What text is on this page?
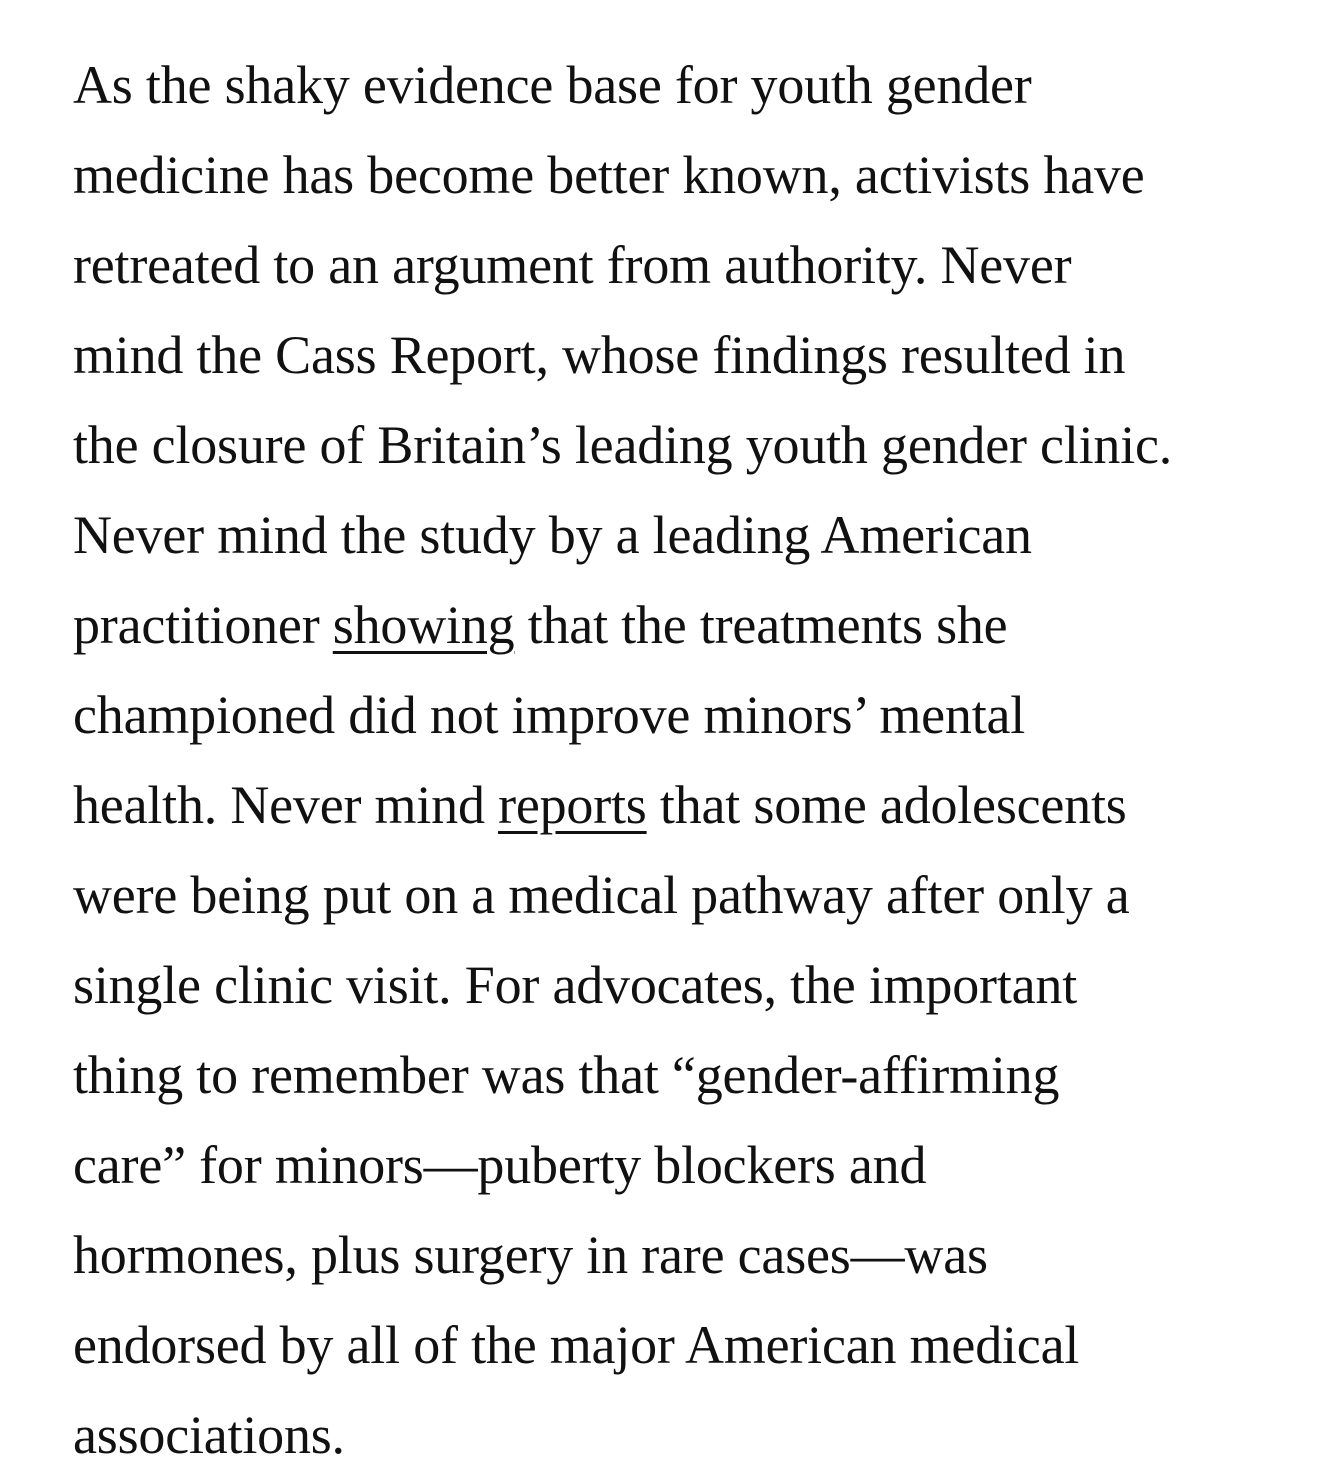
As the shaky evidence base for youth gender
medicine has become better known, activists have
retreated to an argument from authority. Never
mind the Cass Report, whose findings resulted in
the closure of Britain’s leading youth gender clinic.
Never mind the study by a leading American
practitioner showing that the treatments she
championed did not improve minors’ mental
health. Never mind reports that some adolescents
were being put on a medical pathway after only a
single clinic visit. For advocates, the important
thing to remember was that “gender-affirming
care” for minors—puberty blockers and
hormones, plus surgery in rare cases—was
endorsed by all of the major American medical
associations.
